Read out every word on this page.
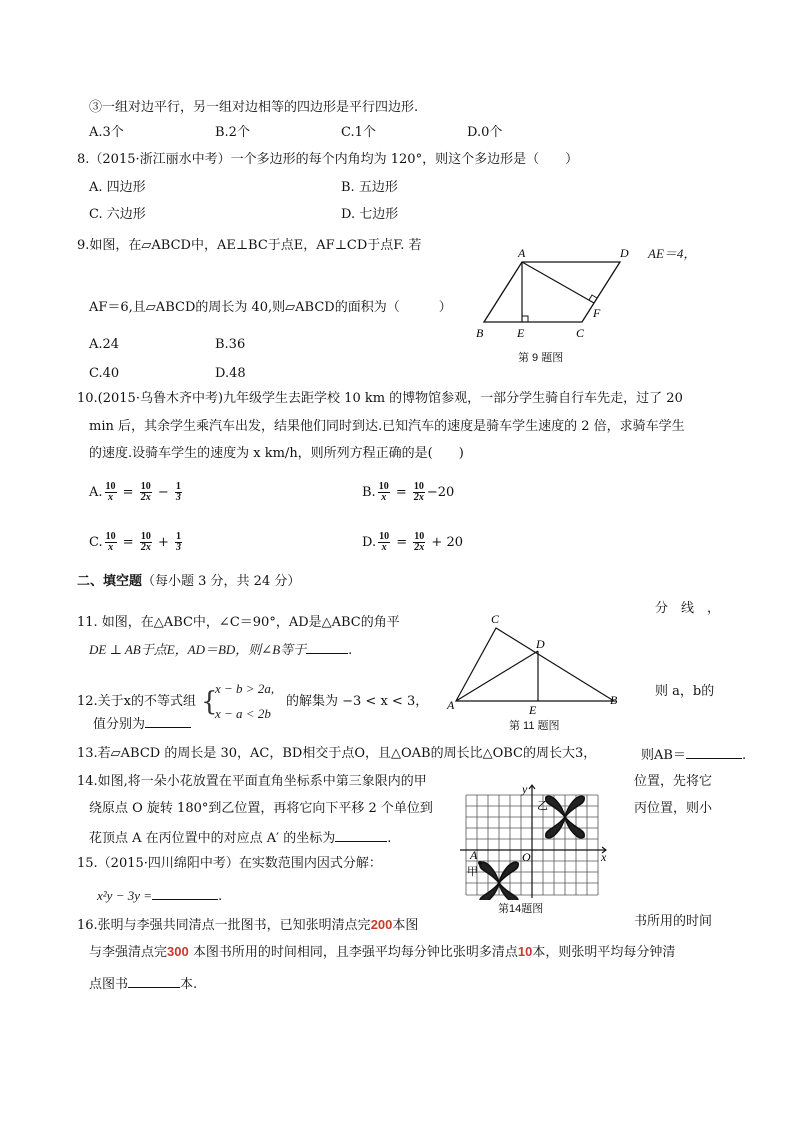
③一组对边平行，另一组对边相等的四边形是平行四边形.
A.3个	B.2个	C.1个	D.0个
8.（2015·浙江丽水中考）一个多边形的每个内角均为 120°，则这个多边形是（　　）
A. 四边形	B. 五边形
C. 六边形	D. 七边形
9.如图，在▱ABCD中，AE⊥BC于点E，AF⊥CD于点F. 若
AE＝4，
AF＝6,且▱ABCD的周长为 40,则▱ABCD的面积为（　　　）
A.24	B.36
C.40	D.48
A	D
B	E	C
F
第 9 题图
10.(2015·乌鲁木齐中考)九年级学生去距学校 10 km 的博物馆参观，一部分学生骑自行车先走，过了 20
min 后，其余学生乘汽车出发，结果他们同时到达.已知汽车的速度是骑车学生速度的 2 倍，求骑车学生
的速度.设骑车学生的速度为 x km/h，则所列方程正确的是(　　)
A. $\frac{10}{x} = \frac{10}{2x} - \frac{1}{3}$	B. $\frac{10}{x} = \frac{10}{2x} -20$
C. $\frac{10}{x} = \frac{10}{2x} + \frac{1}{3}$	D. $\frac{10}{x} = \frac{10}{2x} + 20$
二、填空题（每小题 3 分，共 24 分）
11. 如图，在△ABC中，∠C＝90°，AD是△ABC的角平
分　线　，
DE ⊥ AB于点E，AD＝BD，则∠B等于	.
C
D
A	E
B
第 11 题图
12.关于x的不等式组 {
x − b > 2a,
x − a < 2b
的解集为 −3 < x < 3，
值分别为
则 a，b的
13.若▱ABCD 的周长是 30，AC，BD相交于点O，且△OAB的周长比△OBC的周长大3，	则AB＝	.
14.如图,将一朵小花放置在平面直角坐标系中第三象限内的甲	位置，先将它
绕原点 O 旋转 180°到乙位置，再将它向下平移 2 个单位到	丙位置，则小
花顶点 A 在丙位置中的对应点 A′ 的坐标为	.
y
乙
O	x
A
甲
第14题图
15.（2015·四川绵阳中考）在实数范围内因式分解：
x²y − 3y =	.
16.张明与李强共同清点一批图书，已知张明清点完200本图	书所用的时间
与李强清点完300 本图书所用的时间相同，且李强平均每分钟比张明多清点10本，则张明平均每分钟清
点图书	本.
